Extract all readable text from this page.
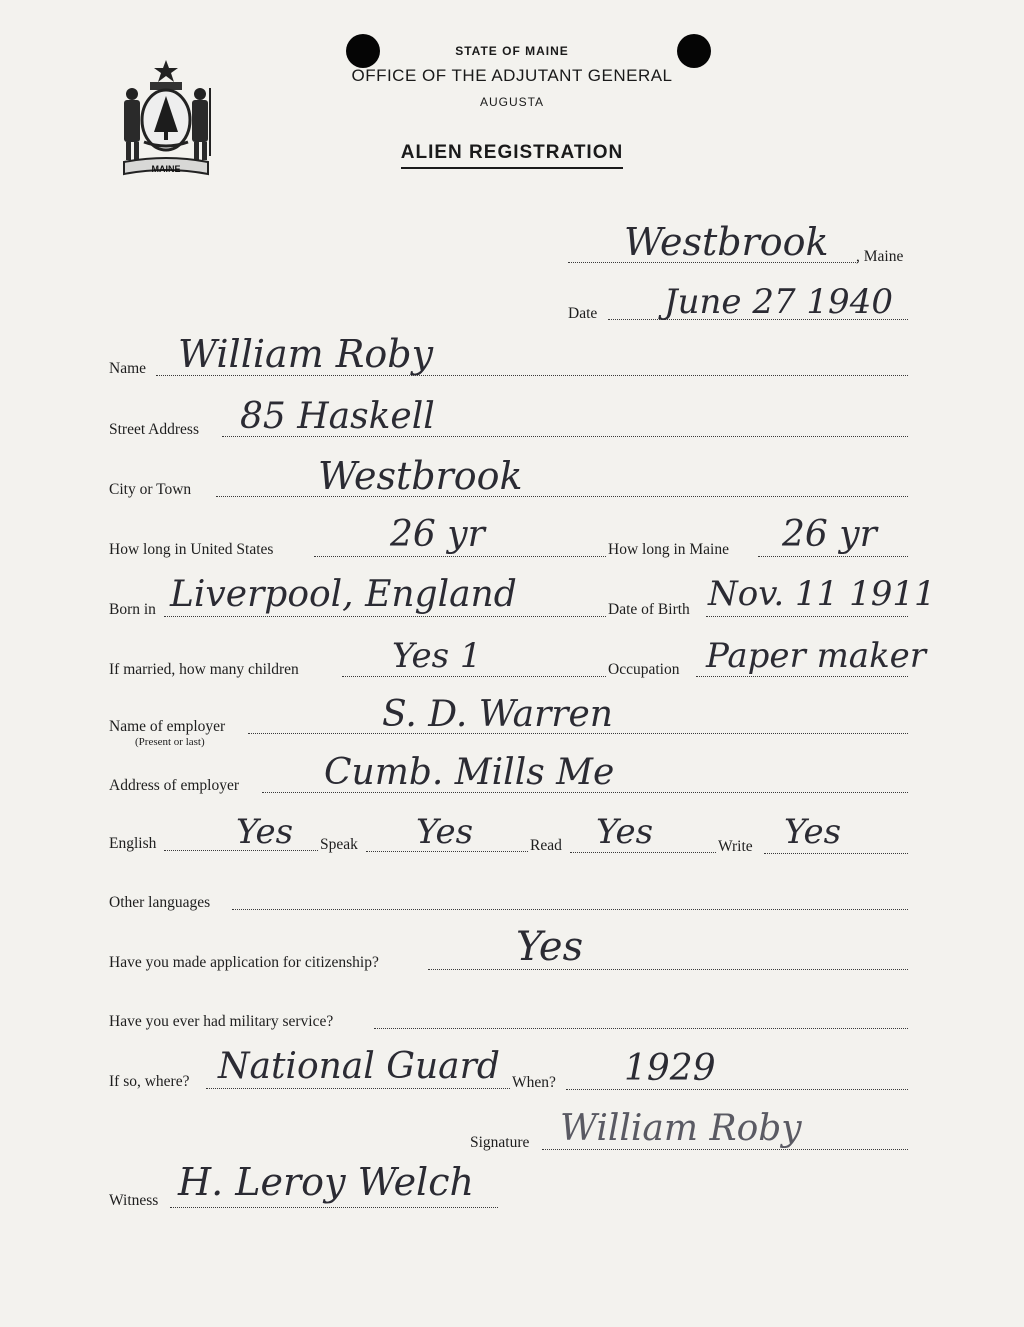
STATE OF MAINE
OFFICE OF THE ADJUTANT GENERAL
AUGUSTA
ALIEN REGISTRATION
MAINE
, Maine
Westbrook
Date June 27 1940
Name William Roby
Street Address 85 Haskell
City or Town	Westbrook
How long in United States	26 yr	How long in Maine 26 yr
Born in Liverpool, England	Date of Birth Nov. 11 1911
If married, how many children	Yes 1	Occupation Paper maker
Name of employer
(Present or last)
S. D. Warren
Address of employer Cumb. Mills Me
English Yes Speak Yes	Read Yes	Write Yes
Other languages
Have you made application for citizenship?	Yes
Have you ever had military service?
If so, where? National Guard When? 1929
Signature William Roby
Witness H. Leroy Welch
